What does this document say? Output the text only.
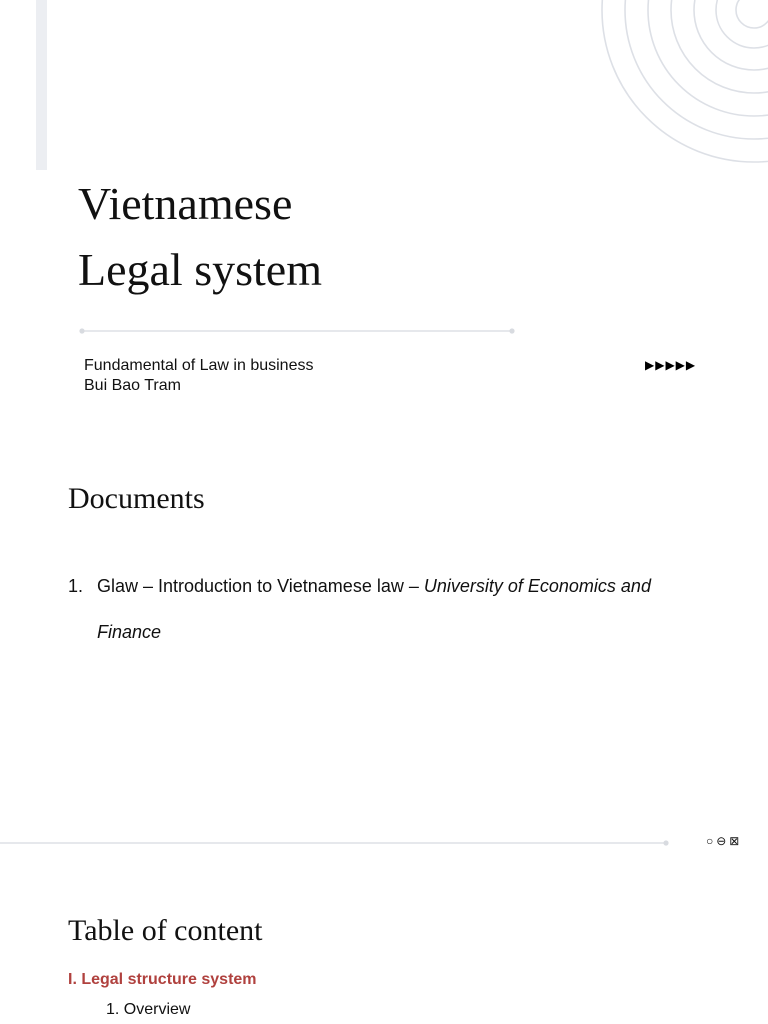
Vietnamese
Legal system
Fundamental of Law in business
Bui Bao Tram
▶▶▶▶▶
Documents
1. Glaw – Introduction to Vietnamese law – University of Economics and Finance
○⊖⊠
Table of content
I. Legal structure system
1. Overview
